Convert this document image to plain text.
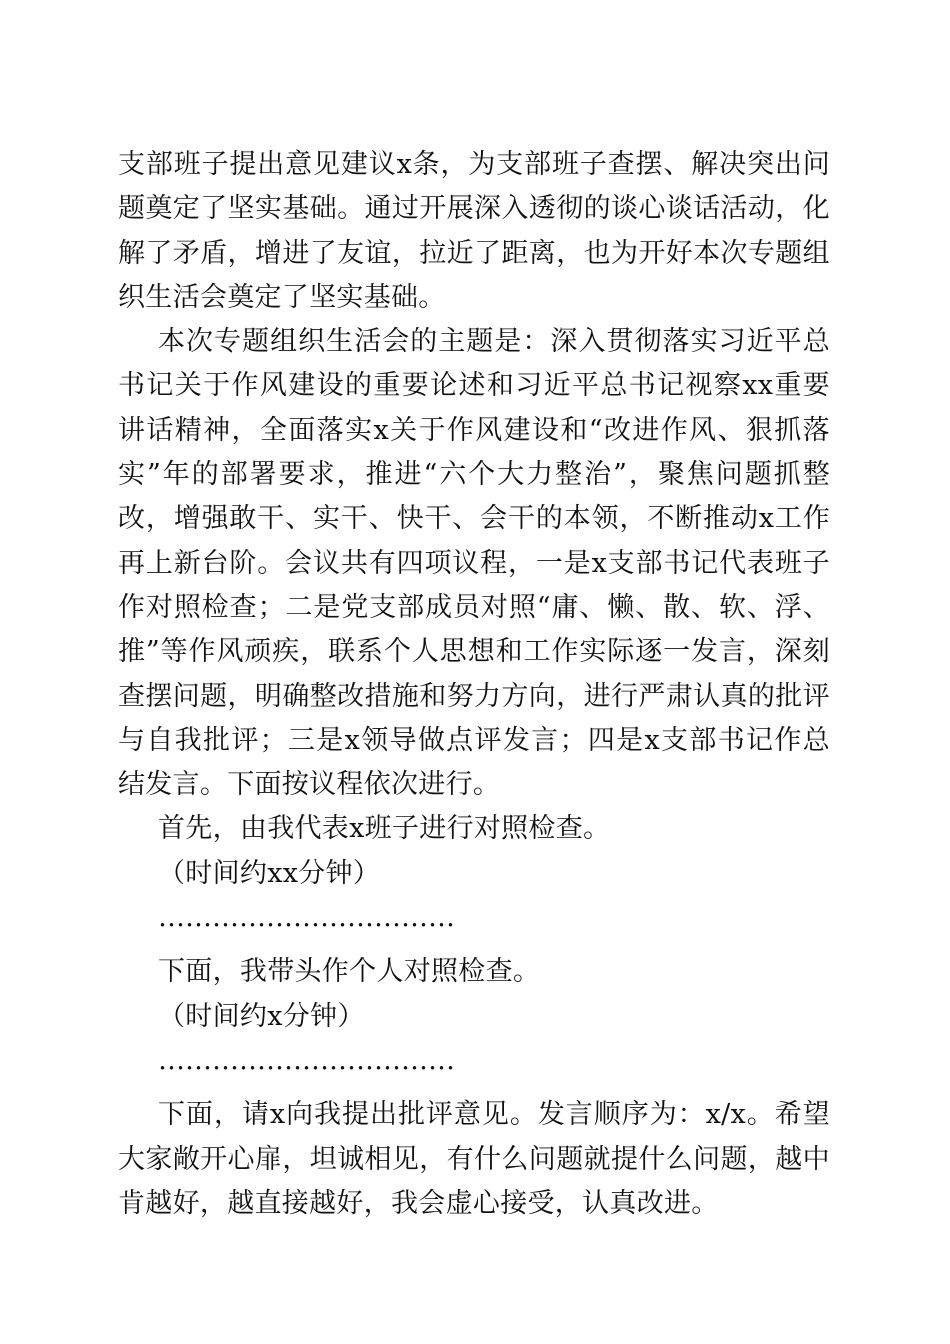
支部班子提出意见建议x条，为支部班子查摆、解决突出问题奠定了坚实基础。通过开展深入透彻的谈心谈话活动，化解了矛盾，增进了友谊，拉近了距离，也为开好本次专题组织生活会奠定了坚实基础。

本次专题组织生活会的主题是：深入贯彻落实习近平总书记关于作风建设的重要论述和习近平总书记视察xx重要讲话精神，全面落实x关于作风建设和“改进作风、狠抓落实”年的部署要求，推进“六个大力整治”，聚焦问题抓整改，增强敢干、实干、快干、会干的本领，不断推动x工作再上新台阶。会议共有四项议程，一是x支部书记代表班子作对照检查；二是党支部成员对照“庸、懒、散、软、浮、推”等作风顽疾，联系个人思想和工作实际逐一发言，深刻查摆问题，明确整改措施和努力方向，进行严肃认真的批评与自我批评；三是x领导做点评发言；四是x支部书记作总结发言。下面按议程依次进行。

首先，由我代表x班子进行对照检查。

（时间约xx分钟）

……………………………

下面，我带头作个人对照检查。

（时间约x分钟）

……………………………

下面，请x向我提出批评意见。发言顺序为：x/x。希望大家敞开心扉，坦诚相见，有什么问题就提什么问题，越中肯越好，越直接越好，我会虚心接受，认真改进。
